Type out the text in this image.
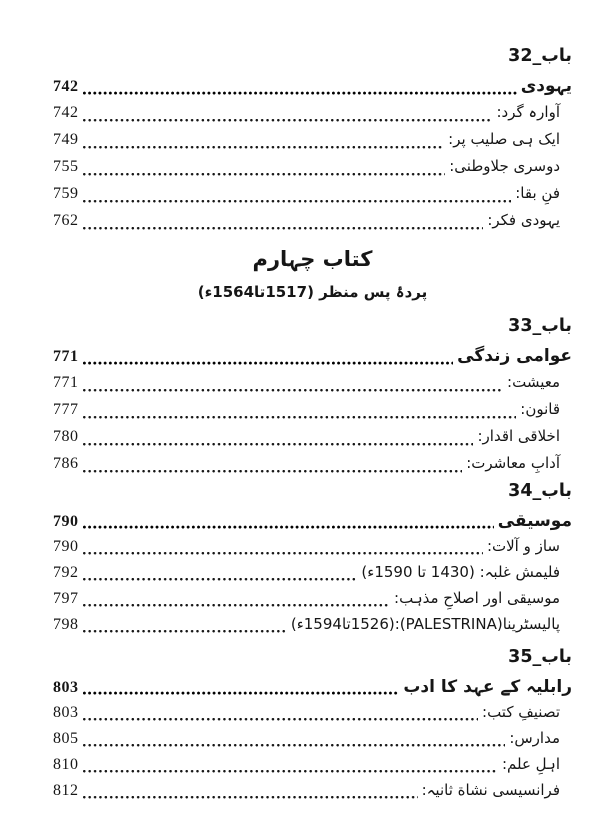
باب_32
یہودی
742
آوارہ گرد:
742
ایک ہی صلیب پر:
749
دوسری جلاوطنی:
755
فنِ بقا:
759
یہودی فکر:
762
کتاب چہارم
پردۂ پس منظر (1517تا1564ء)
باب_33
عوامی زندگی
771
معیشت:
771
قانون:
777
اخلاقی اقدار:
780
آدابِ معاشرت:
786
باب_34
موسیقی
790
ساز و آلات:
790
فلیمش غلبہ: (1430 تا 1590ء)
792
موسیقی اور اصلاحِ مذہب:
797
پالیسٹرینا(PALESTRINA):(1526تا1594ء)
798
باب_35
رابلیہ کے عہد کا ادب
803
تصنیفِ کتب:
803
مدارس:
805
اہلِ علم:
810
فرانسیسی نشاة ثانیہ:
812
